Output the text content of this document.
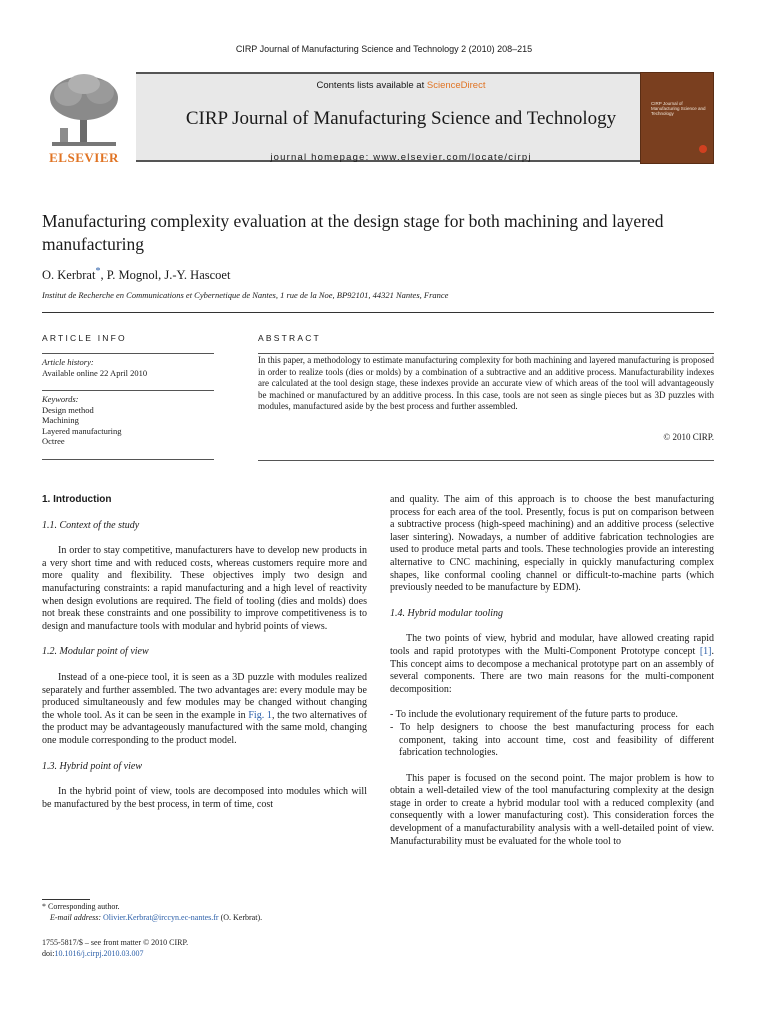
CIRP Journal of Manufacturing Science and Technology 2 (2010) 208–215
ELSEVIER
Contents lists available at ScienceDirect
CIRP Journal of Manufacturing Science and Technology
journal homepage: www.elsevier.com/locate/cirpj
CIRP Journal of Manufacturing Science and Technology
Manufacturing complexity evaluation at the design stage for both machining and layered manufacturing
O. Kerbrat*, P. Mognol, J.-Y. Hascoet
Institut de Recherche en Communications et Cybernetique de Nantes, 1 rue de la Noe, BP92101, 44321 Nantes, France
ARTICLE INFO
Article history:
Available online 22 April 2010
Keywords:
Design method
Machining
Layered manufacturing
Octree
ABSTRACT
In this paper, a methodology to estimate manufacturing complexity for both machining and layered manufacturing is proposed in order to realize tools (dies or molds) by a combination of a subtractive and an additive process. Manufacturability indexes are calculated at the tool design stage, these indexes provide an accurate view of which areas of the tool will advantageously be machined or manufactured by an additive process. In this case, tools are not seen as single pieces but as 3D puzzles with modules, manufactured aside by the best process and further assembled.
© 2010 CIRP.
1. Introduction
1.1. Context of the study

In order to stay competitive, manufacturers have to develop new products in a very short time and with reduced costs, whereas customers require more and more quality and flexibility. These objectives imply two design and manufacturing constraints: a rapid manufacturing and a high level of reactivity when design evolutions are required. The field of tooling (dies and molds) does not break these constraints and one possibility to improve competitiveness is to design and manufacture tools with modular and hybrid points of views.

1.2. Modular point of view

Instead of a one-piece tool, it is seen as a 3D puzzle with modules realized separately and further assembled. The two advantages are: every module may be produced simultaneously and few modules may be changed without changing the whole tool. As it can be seen in the example in Fig. 1, the two alternatives of the product may be advantageously manufactured with the same mold, changing one module corresponding to the product model.

1.3. Hybrid point of view

In the hybrid point of view, tools are decomposed into modules which will be manufactured by the best process, in term of time, cost

and quality. The aim of this approach is to choose the best manufacturing process for each area of the tool. Presently, focus is put on comparison between a subtractive process (high-speed machining) and an additive process (selective laser sintering). Nowadays, a number of additive fabrication technologies are used to produce metal parts and tools. These technologies provide an interesting alternative to CNC machining, especially in quickly manufacturing complex shapes, like conformal cooling channel or difficult-to-machine parts (which previously needed to be manufacture by EDM).

1.4. Hybrid modular tooling

The two points of view, hybrid and modular, have allowed creating rapid tools and rapid prototypes with the Multi-Component Prototype concept [1]. This concept aims to decompose a mechanical prototype part on an assembly of several components. There are two main reasons for the multi-component decomposition:

- To include the evolutionary requirement of the future parts to produce.
- To help designers to choose the best manufacturing process for each component, taking into account time, cost and feasibility of different fabrication technologies.

This paper is focused on the second point. The major problem is how to obtain a well-detailed view of the tool manufacturing complexity at the design stage in order to create a hybrid modular tool with a reduced complexity (and consequently with a lower manufacturing cost). This consideration forces the development of a manufacturability analysis with a well-detailed point of view. Manufacturability must be evaluated for the whole tool to

* Corresponding author.
E-mail address: Olivier.Kerbrat@irccyn.ec-nantes.fr (O. Kerbrat).
1755-5817/$ – see front matter © 2010 CIRP.
doi:10.1016/j.cirpj.2010.03.007
